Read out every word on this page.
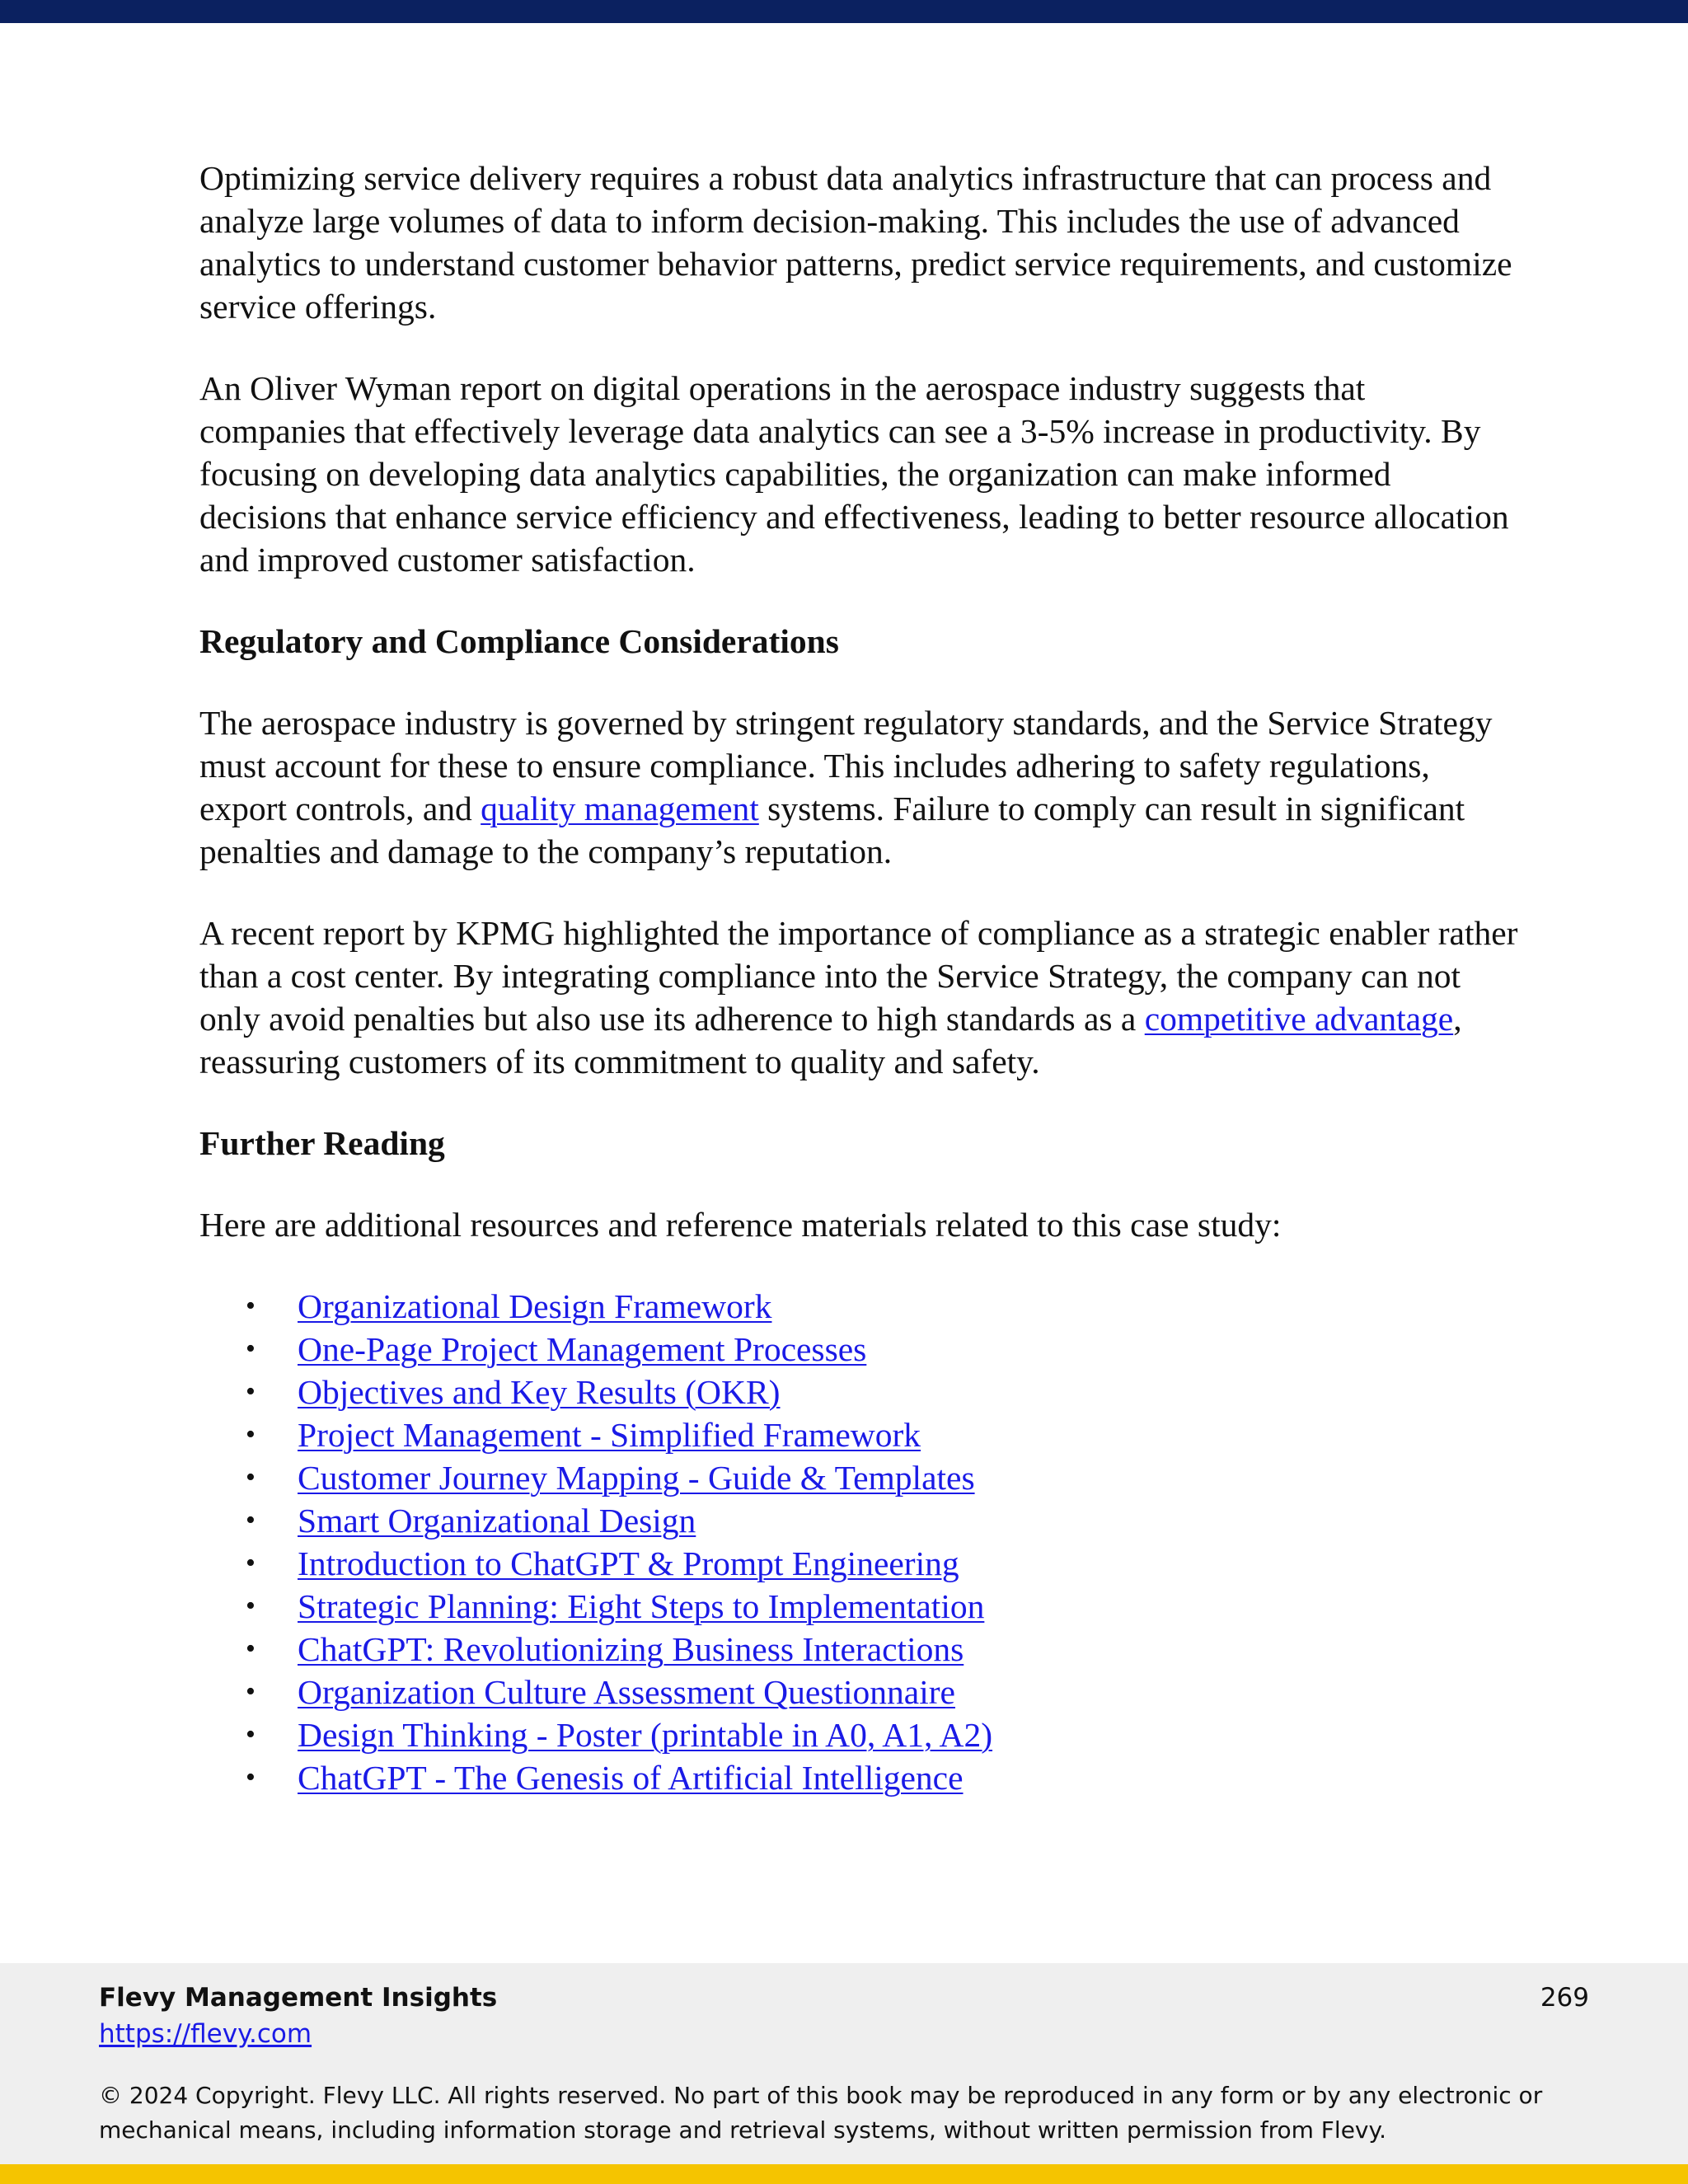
Optimizing service delivery requires a robust data analytics infrastructure that can process and analyze large volumes of data to inform decision-making. This includes the use of advanced analytics to understand customer behavior patterns, predict service requirements, and customize service offerings.

An Oliver Wyman report on digital operations in the aerospace industry suggests that companies that effectively leverage data analytics can see a 3-5% increase in productivity. By focusing on developing data analytics capabilities, the organization can make informed decisions that enhance service efficiency and effectiveness, leading to better resource allocation and improved customer satisfaction.

Regulatory and Compliance Considerations

The aerospace industry is governed by stringent regulatory standards, and the Service Strategy must account for these to ensure compliance. This includes adhering to safety regulations, export controls, and quality management systems. Failure to comply can result in significant penalties and damage to the company’s reputation.

A recent report by KPMG highlighted the importance of compliance as a strategic enabler rather than a cost center. By integrating compliance into the Service Strategy, the company can not only avoid penalties but also use its adherence to high standards as a competitive advantage, reassuring customers of its commitment to quality and safety.

Further Reading

Here are additional resources and reference materials related to this case study:

• Organizational Design Framework
• One-Page Project Management Processes
• Objectives and Key Results (OKR)
• Project Management - Simplified Framework
• Customer Journey Mapping - Guide & Templates
• Smart Organizational Design
• Introduction to ChatGPT & Prompt Engineering
• Strategic Planning: Eight Steps to Implementation
• ChatGPT: Revolutionizing Business Interactions
• Organization Culture Assessment Questionnaire
• Design Thinking - Poster (printable in A0, A1, A2)
• ChatGPT - The Genesis of Artificial Intelligence
Flevy Management Insights
https://flevy.com
269
© 2024 Copyright. Flevy LLC. All rights reserved. No part of this book may be reproduced in any form or by any electronic or mechanical means, including information storage and retrieval systems, without written permission from Flevy.
